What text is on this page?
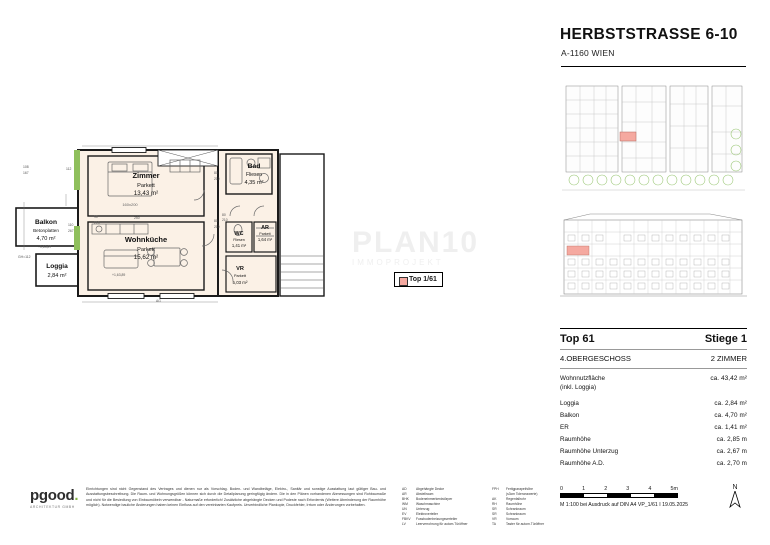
HERBSTSTRASSE 6-10
A-1160 WIEN
Top 61	Stiege 1
4.OBERGESCHOSS	2 ZIMMER
Wohnnutzfläche
(inkl. Loggia)
ca. 43,42 m²
Loggia	ca. 2,84 m²
Balkon	ca. 4,70 m²
ER	ca. 1,41 m²
Raumhöhe	ca. 2,85 m
Raumhöhe Unterzug	ca. 2,67 m
Raumhöhe A.D.	ca. 2,70 m
0	1	2	3	4	5m
M 1:100 bei Ausdruck auf DIN A4 VP_1/61 I 19.05.2025
N
Zimmer
Parkett
13,43 m²
160x200
Wohnküche
Parkett
15,62 m²
Bad
Fliesen
4,35 m²
WC
Fliesen
1,41 m²
AR
Parkett
1,64 m²
VR
Parkett
5,03 m²
Balkon
Betonplatten
4,70 m²
Loggia
2,84 m²
108
167
112
110
267
GH=112
+1,63,87
+1,63,89
AG
80
210
80
210
90
210
80
210
250
PLAN10
IMMOPROJEKT
Top 1/61
pgood.
ARCHITEKTUR GMBH
Einrichtungen sind nicht Gegenstand des Vertrages und dienen nur als Vorschlag. Boden- und Wandbeläge, Elektro-, Sanitär und sonstige Ausstattung laut gültiger Bau- und Ausstattungsbeschreibung. Die Raum- und Wohnungsgrößen können sich durch die Detailplanung geringfügig ändern. Die in den Plänen vorhandenen Abmessungen sind Rohbaumaße und nicht für die Besiedlung von Einbaumöbeln verwendbar - Naturmaße erforderlich! Zusätzliche abgehängte Decken und Podeste nach Erfordernis (Weitere Abminderung der Raumhöhe möglich). Notwendige bauliche Änderungen haben keinen Einfluss auf den vereinbarten Kaufpreis. Unverbindliche Plankopie, Druckfehler, Irrtum oder Änderungen vorbehalten.
AD	Abgehängte Decke
AR	Abstellraum
BHK	Bodeneinmerkerdstörper
WM	Waschmaschine
UN	Unterzug
EV	Elektroverteiler
FBKV	Fussbodenheizungsverteiler
LV	Leerverrohrung für autom.Türöffner
FPH	Fertigparapethöhe
(s3cm Toleranzwerte)
AK	Regenfallrohr
RH	Raumhöhe
SR	Schrankraum
SR	Schrankraum
VR	Vorraum
TA	Taster für autom.Türöffner
